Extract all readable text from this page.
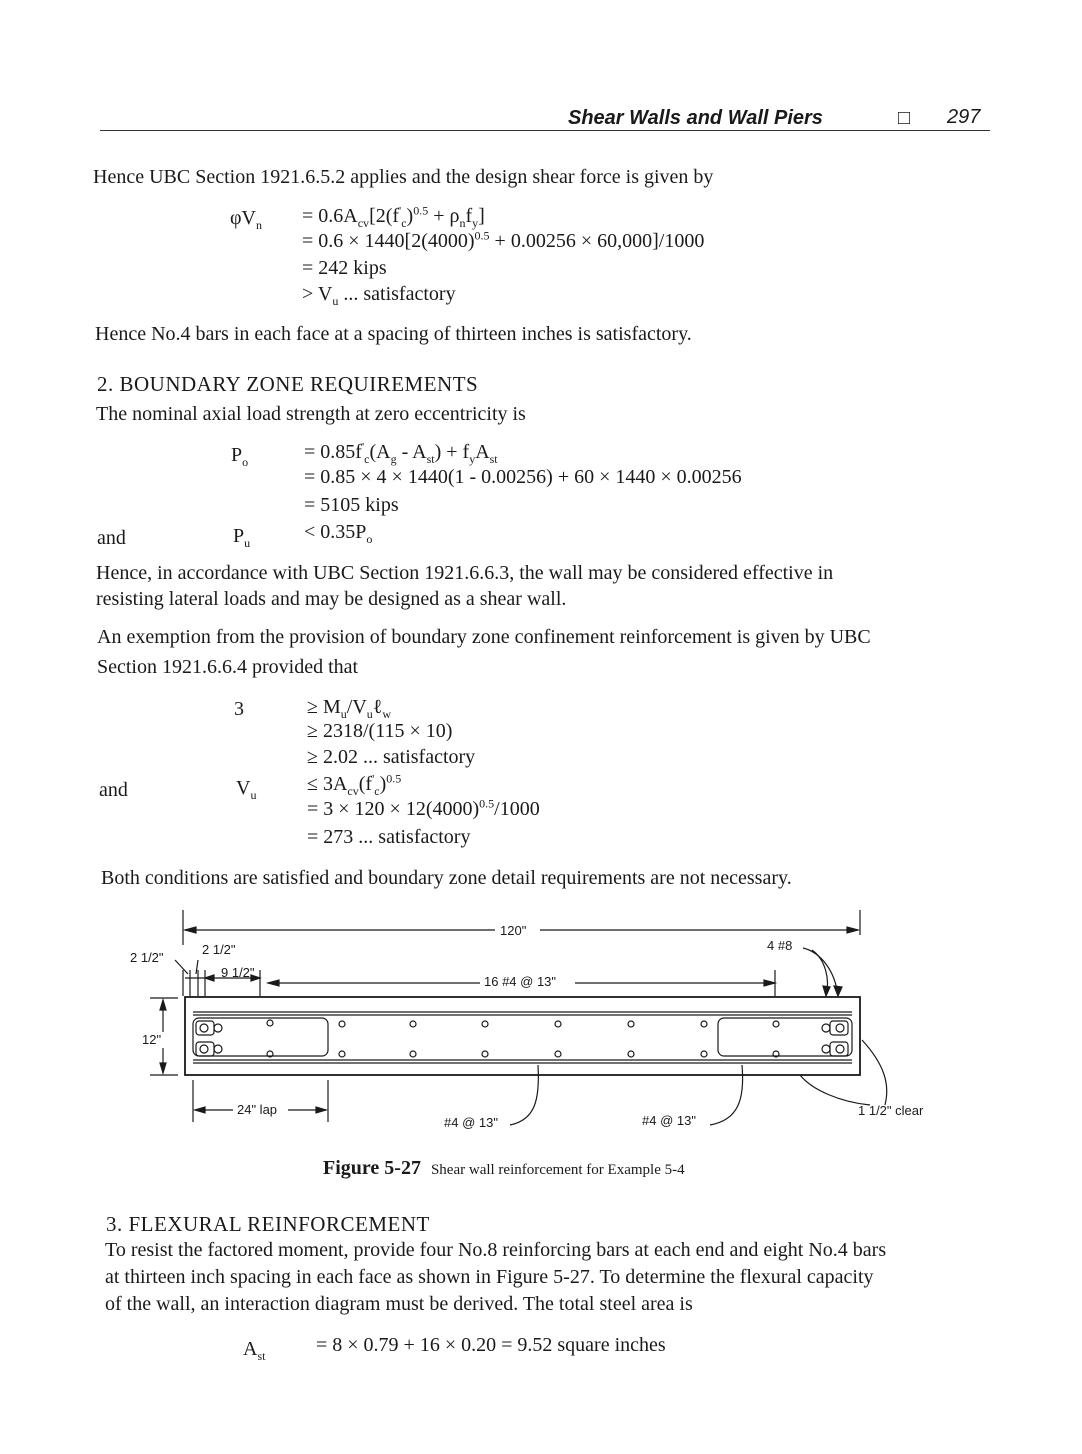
Shear Walls and Wall Piers	□ 297
Hence UBC Section 1921.6.5.2 applies and the design shear force is given by
$\varphi V_n = 0.6A_{cv}[2(f'_c)^{0.5} + \rho_nf_y]$
= $0.6 \times 1440[2(4000)^{0.5} + 0.00256 \times 60,000]/1000$
= 242 kips
> $V_u$ ... satisfactory
Hence No.4 bars in each face at a spacing of thirteen inches is satisfactory.
2. BOUNDARY ZONE REQUIREMENTS
The nominal axial load strength at zero eccentricity is
$P_o$	= $0.85f'_c(A_g - A_{st}) + f_yA_{st}$
= 0.85 × 4 × 1440(1 - 0.00256) + 60 × 1440 × 0.00256
= 5105 kips
and	$P_u$	< $0.35P_o$
Hence, in accordance with UBC Section 1921.6.6.3, the wall may be considered effective in
resisting lateral loads and may be designed as a shear wall.
An exemption from the provision of boundary zone confinement reinforcement is given by UBC
Section 1921.6.6.4 provided that
3	≥ $M_u/V_u\ell_w$
≥ 2318/(115 × 10)
≥ 2.02 ... satisfactory
and	$V_u$	≤ $3A_{cv}(f'_c)^{0.5}$
= $3 \times 120 \times 12(4000)^{0.5}/1000$
= 273 ... satisfactory
Both conditions are satisfied and boundary zone detail requirements are not necessary.
120"
2 1/2"
2 1/2"
9 1/2"
16 #4 @ 13"
4 #8
12"
24" lap
#4 @ 13"	#4 @ 13"
1 1/2" clear
Figure 5-27 Shear wall reinforcement for Example 5-4
3. FLEXURAL REINFORCEMENT
To resist the factored moment, provide four No.8 reinforcing bars at each end and eight No.4 bars
at thirteen inch spacing in each face as shown in Figure 5-27. To determine the flexural capacity
of the wall, an interaction diagram must be derived. The total steel area is
$A_{st}$	= 8 × 0.79 + 16 × 0.20 = 9.52 square inches
